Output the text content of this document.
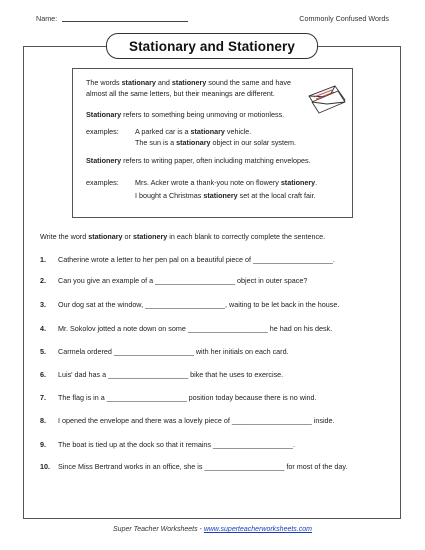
Name:	Commonly Confused Words
Stationary and Stationery
The words stationary and stationery sound the same and have
almost all the same letters, but their meanings are different.
Stationary refers to something being unmoving or motionless.
examples: A parked car is a stationary vehicle.
The sun is a stationary object in our solar system.
Stationery refers to writing paper, often including matching envelopes.
examples: Mrs. Acker wrote a thank-you note on flowery stationery.
I bought a Christmas stationery set at the local craft fair.
Write the word stationary or stationery in each blank to correctly complete the sentence.
1. Catherine wrote a letter to her pen pal on a beautiful piece of ____________________.
2. Can you give an example of a ____________________ object in outer space?
3. Our dog sat at the window, ____________________, waiting to be let back in the house.
4. Mr. Sokolov jotted a note down on some ____________________ he had on his desk.
5. Carmela ordered ____________________ with her initials on each card.
6. Luis' dad has a ____________________ bike that he uses to exercise.
7. The flag is in a ____________________ position today because there is no wind.
8. I opened the envelope and there was a lovely piece of ____________________ inside.
9. The boat is tied up at the dock so that it remains ____________________.
10. Since Miss Bertrand works in an office, she is ____________________ for most of the day.
Super Teacher Worksheets - www.superteacherworksheets.com
